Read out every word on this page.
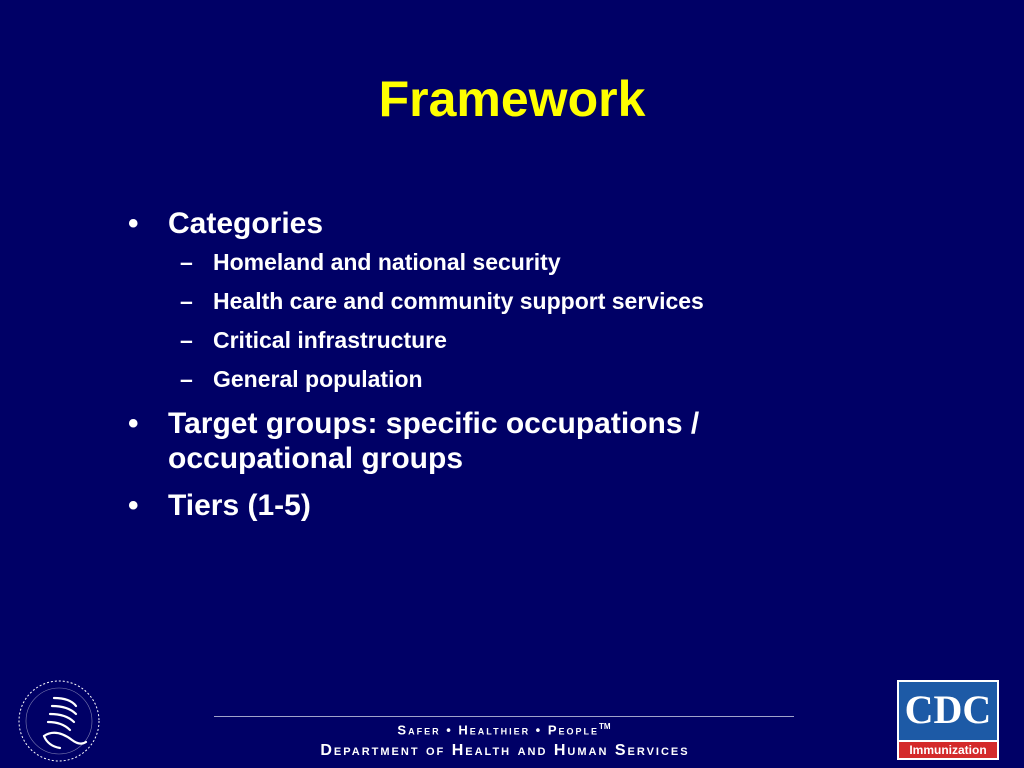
Framework
• Categories
– Homeland and national security
– Health care and community support services
– Critical infrastructure
– General population
• Target groups: specific occupations / occupational groups
• Tiers (1-5)
Safer • Healthier • People™
Department of Health and Human Services
CDC
Immunization
